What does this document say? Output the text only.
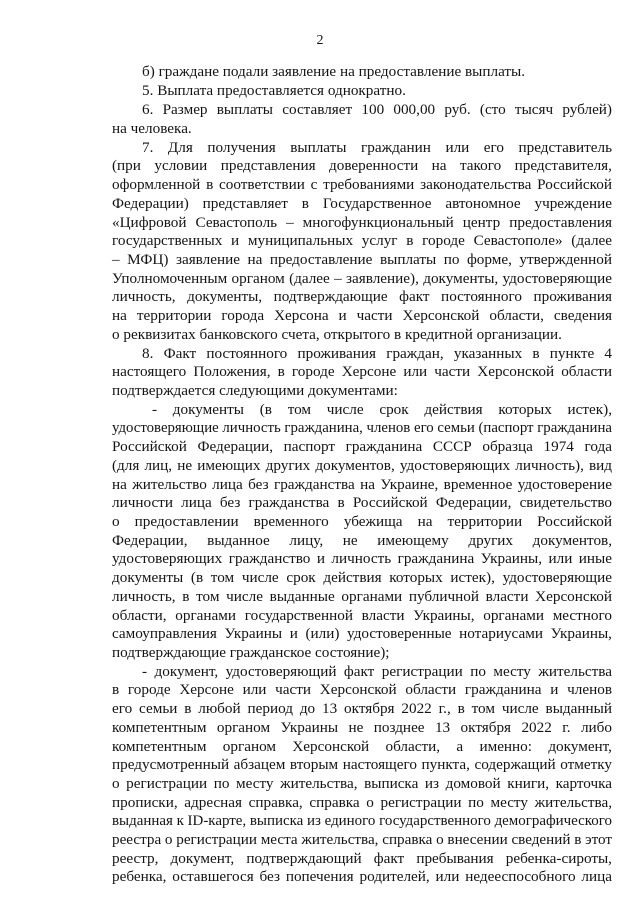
2
б) граждане подали заявление на предоставление выплаты.
5. Выплата предоставляется однократно.
6. Размер выплаты составляет 100 000,00 руб. (сто тысяч рублей)
на человека.
7. Для получения выплаты гражданин или его представитель
(при условии представления доверенности на такого представителя,
оформленной в соответствии с требованиями законодательства Российской
Федерации) представляет в Государственное автономное учреждение
«Цифровой Севастополь – многофункциональный центр предоставления
государственных и муниципальных услуг в городе Севастополе» (далее
– МФЦ) заявление на предоставление выплаты по форме, утвержденной
Уполномоченным органом (далее – заявление), документы, удостоверяющие
личность, документы, подтверждающие факт постоянного проживания
на территории города Херсона и части Херсонской области, сведения
о реквизитах банковского счета, открытого в кредитной организации.
8. Факт постоянного проживания граждан, указанных в пункте 4
настоящего Положения, в городе Херсоне или части Херсонской области
подтверждается следующими документами:
- документы (в том числе срок действия которых истек),
удостоверяющие личность гражданина, членов его семьи (паспорт гражданина
Российской Федерации, паспорт гражданина СССР образца 1974 года
(для лиц, не имеющих других документов, удостоверяющих личность), вид
на жительство лица без гражданства на Украине, временное удостоверение
личности лица без гражданства в Российской Федерации, свидетельство
о предоставлении временного убежища на территории Российской
Федерации, выданное лицу, не имеющему других документов,
удостоверяющих гражданство и личность гражданина Украины, или иные
документы (в том числе срок действия которых истек), удостоверяющие
личность, в том числе выданные органами публичной власти Херсонской
области, органами государственной власти Украины, органами местного
самоуправления Украины и (или) удостоверенные нотариусами Украины,
подтверждающие гражданское состояние);
- документ, удостоверяющий факт регистрации по месту жительства
в городе Херсоне или части Херсонской области гражданина и членов
его семьи в любой период до 13 октября 2022 г., в том числе выданный
компетентным органом Украины не позднее 13 октября 2022 г. либо
компетентным органом Херсонской области, а именно: документ,
предусмотренный абзацем вторым настоящего пункта, содержащий отметку
о регистрации по месту жительства, выписка из домовой книги, карточка
прописки, адресная справка, справка о регистрации по месту жительства,
выданная к ID-карте, выписка из единого государственного демографического
реестра о регистрации места жительства, справка о внесении сведений в этот
реестр, документ, подтверждающий факт пребывания ребенка-сироты,
ребенка, оставшегося без попечения родителей, или недееспособного лица
